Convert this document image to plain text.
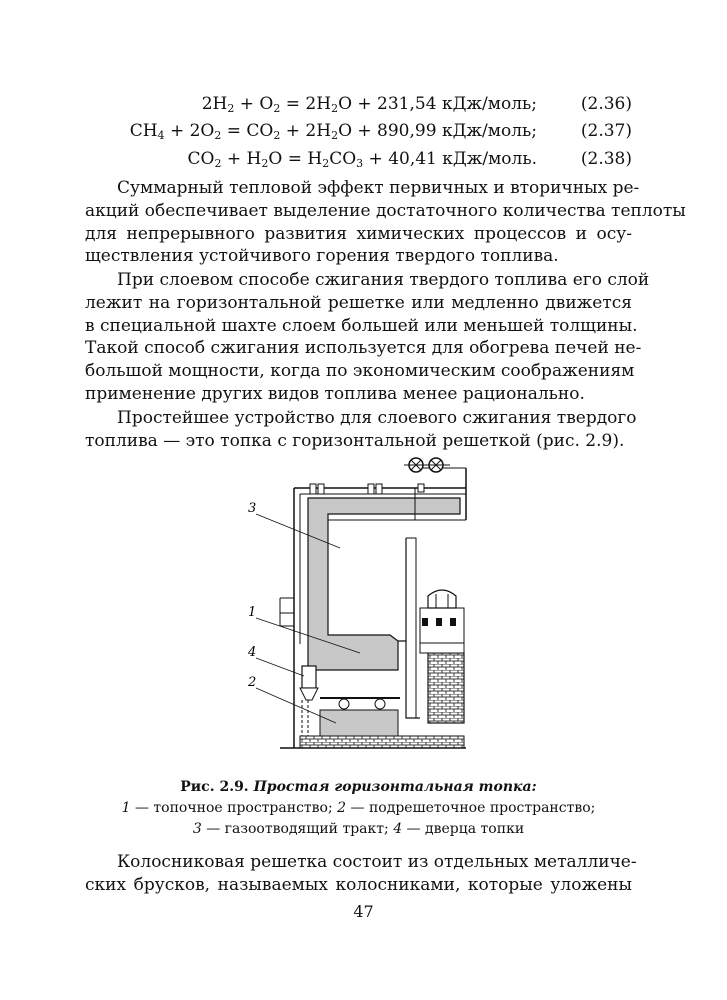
$2H_2 + O_2 = 2H_2O + 231,54$ кДж/моль;	(2.36)
$CH_4 + 2O_2 = CO_2 + 2H_2O + 890,99$ кДж/моль;	(2.37)
$CO_2 + H_2O = H_2CO_3 + 40,41$ кДж/моль.	(2.38)
Суммарный тепловой эффект первичных и вторичных ре-
акций обеспечивает выделение достаточного количества теплоты
для непрерывного развития химических процессов и осу-
ществления устойчивого горения твердого топлива.
При слоевом способе сжигания твердого топлива его слой
лежит на горизонтальной решетке или медленно движется
в специальной шахте слоем большей или меньшей толщины.
Такой способ сжигания используется для обогрева печей не-
большой мощности, когда по экономическим соображениям
применение других видов топлива менее рационально.
Простейшее устройство для слоевого сжигания твердого
топлива — это топка с горизонтальной решеткой (рис. 2.9).
3
1
4
2
Рис. 2.9. Простая горизонтальная топка:
1 — топочное пространство; 2 — подрешеточное пространство;
3 — газоотводящий тракт; 4 — дверца топки
Колосниковая решетка состоит из отдельных металличе-
ских брусков, называемых колосниками, которые уложены
47
